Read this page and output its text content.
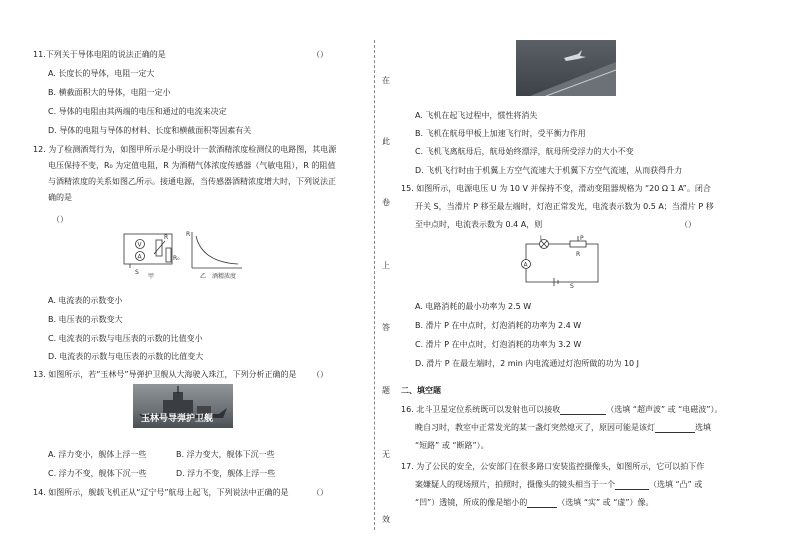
11.下列关于导体电阻的说法正确的是	（）
A. 长度长的导体，电阻一定大
B. 横截面积大的导体，电阻一定小
C. 导体的电阻由其两端的电压和通过的电流来决定
D. 导体的电阻与导体的材料、长度和横截面积等因素有关
12. 为了检测酒驾行为，如图甲所示是小明设计一款酒精浓度检测仪的电路图，其电源
电压保持不变，R₀ 为定值电阻，R 为酒精气体浓度传感器（气敏电阻），R 的阻值
与酒精浓度的关系如图乙所示。接通电源，当传感器酒精浓度增大时，下列说法正
确的是
（）
S
V
A
R
R₀
R
甲	乙 酒精浓度
A. 电流表的示数变小
B. 电压表的示数变大
C. 电流表的示数与电压表的示数的比值变小
D. 电流表的示数与电压表的示数的比值变大
13. 如图所示，若“玉林号”导弹护卫舰从大海驶入珠江，下列分析正确的是 （）
玉林号导弹护卫舰
A. 浮力变小，舰体上浮一些	B. 浮力变大，舰体下沉一些
C. 浮力不变，舰体下沉一些	D. 浮力不变，舰体上浮一些
14. 如图所示，舰载飞机正从“辽宁号”航母上起飞，下列说法中正确的是	（）
在
此
卷
上
答
题
无
效
A. 飞机在起飞过程中，惯性将消失
B. 飞机在航母甲板上加速飞行时，受平衡力作用
C. 飞机飞离航母后，航母始终漂浮，航母所受浮力的大小不变
D. 飞机飞行时由于机翼上方空气流速大于机翼下方空气流速，从而获得升力
15. 如图所示，电源电压 U 为 10 V 并保持不变，滑动变阻器规格为 “20 Ω 1 A”。闭合
开关 S，当滑片 P 移至最左端时，灯泡正常发光，电流表示数为 0.5 A；当滑片 P 移
至中点时，电流表示数为 0.4 A，则	（）
L	P
R
A
S
A. 电路消耗的最小功率为 2.5 W
B. 滑片 P 在中点时，灯泡消耗的功率为 2.4 W
C. 滑片 P 在中点时，灯泡消耗的功率为 3.2 W
D. 滑片 P 在最左端时，2 min 内电流通过灯泡所做的功为 10 J
二、填空题
16. 北斗卫星定位系统既可以发射也可以接收	（选填 “超声波” 或 “电磁波”）。
晚自习时，教室中正常发光的某一盏灯突然熄灭了，原因可能是该灯	选填
“短路” 或 “断路”）。
17. 为了公民的安全，公安部门在很多路口安装监控摄像头，如图所示，它可以拍下作
案嫌疑人的现场照片，拍照时，摄像头的镜头相当于一个	（选填 “凸” 或
“凹”）透镜，所成的像是缩小的	（选填 “实” 或 “虚”）像。
